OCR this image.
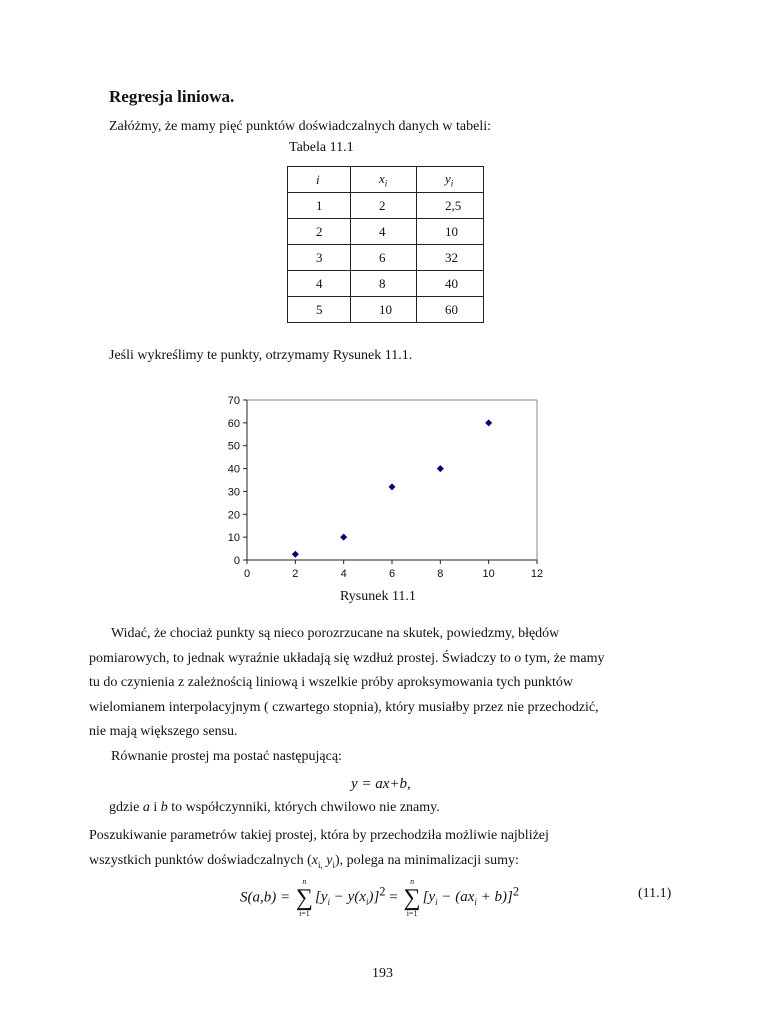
Regresja liniowa.
Załóżmy, że mamy pięć punktów doświadczalnych danych w tabeli:
Tabela 11.1
i	$x_i$	$y_i$
1	2	2,5
2	4	10
3	6	32
4	8	40
5	10	60
Jeśli wykreślimy te punkty, otrzymamy Rysunek 11.1.
0
10
20
30
40
50
60
70
0	2	4	6	8	10	12
Rysunek 11.1
Widać, że chociaż punkty są nieco porozrzucane na skutek, powiedzmy, błędów
pomiarowych, to jednak wyraźnie układają się wzdłuż prostej. Świadczy to o tym, że mamy
tu do czynienia z zależnością liniową i wszelkie próby aproksymowania tych punktów
wielomianem interpolacyjnym ( czwartego stopnia), który musiałby przez nie przechodzić,
nie mają większego sensu.
Równanie prostej ma postać następującą:
y = ax+b,
gdzie a i b to współczynniki, których chwilowo nie znamy.
Poszukiwanie parametrów takiej prostej, która by przechodziła możliwie najbliżej
wszystkich punktów doświadczalnych ($x_{i,}$ $y_i$), polega na minimalizacji sumy:
S(a,b) =
n
∑
i=1
$[y_i - y(x_i)]^2$ =
n
∑
i=1
$[y_i - (ax_i + b)]^2$	(11.1)
193
